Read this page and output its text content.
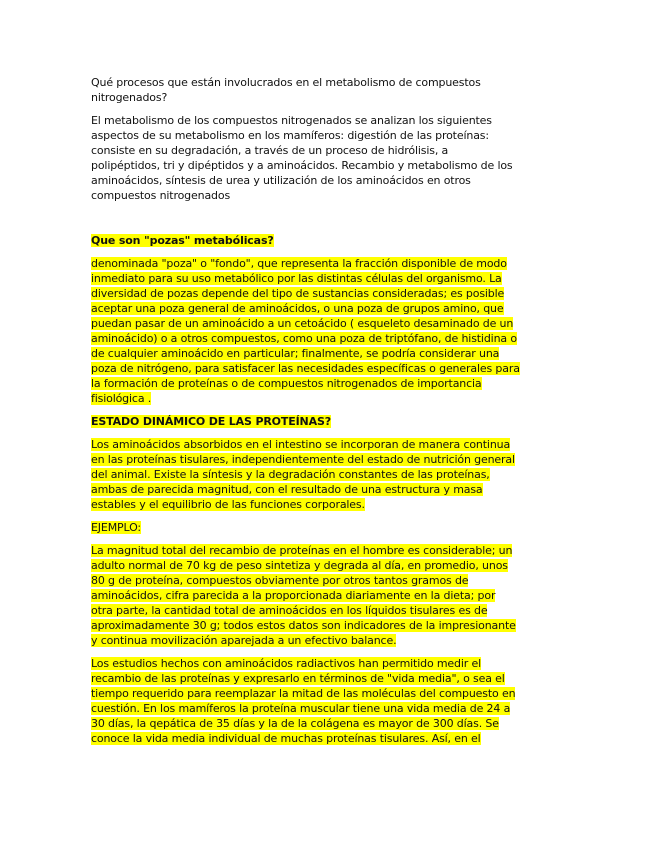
Qué procesos que están involucrados en el metabolismo de compuestos
nitrogenados?
El metabolismo de los compuestos nitrogenados se analizan los siguientes
aspectos de su metabolismo en los mamíferos: digestión de las proteínas:
consiste en su degradación, a través de un proceso de hidrólisis, a
polipéptidos, tri y dipéptidos y a aminoácidos. Recambio y metabolismo de los
aminoácidos, síntesis de urea y utilización de los aminoácidos en otros
compuestos nitrogenados
Que son "pozas" metabólicas?
denominada "poza" o "fondo", que representa la fracción disponible de modo
inmediato para su uso metabólico por las distintas células del organismo. La
diversidad de pozas depende del tipo de sustancias consideradas; es posible
aceptar una poza general de aminoácidos, o una poza de grupos amino, que
puedan pasar de un aminoácido a un cetoácido ( esqueleto desaminado de un
aminoácido) o a otros compuestos, como una poza de triptófano, de histidina o
de cualquier aminoácido en particular; finalmente, se podría considerar una
poza de nitrógeno, para satisfacer las necesidades específicas o generales para
la formación de proteínas o de compuestos nitrogenados de importancia
fisiológica .
ESTADO DINÁMICO DE LAS PROTEÍNAS?
Los aminoácidos absorbidos en el intestino se incorporan de manera continua
en las proteínas tisulares, independientemente del estado de nutrición general
del animal. Existe la síntesis y la degradación constantes de las proteínas,
ambas de parecida magnitud, con el resultado de una estructura y masa
estables y el equilibrio de las funciones corporales.
EJEMPLO:
La magnitud total del recambio de proteínas en el hombre es considerable; un
adulto normal de 70 kg de peso sintetiza y degrada al día, en promedio, unos
80 g de proteína, compuestos obviamente por otros tantos gramos de
aminoácidos, cifra parecida a la proporcionada diariamente en la dieta; por
otra parte, la cantidad total de aminoácidos en los líquidos tisulares es de
aproximadamente 30 g; todos estos datos son indicadores de la impresionante
y continua movilización aparejada a un efectivo balance.
Los estudios hechos con aminoácidos radiactivos han permitido medir el
recambio de las proteínas y expresarlo en términos de "vida media", o sea el
tiempo requerido para reemplazar la mitad de las moléculas del compuesto en
cuestión. En los mamíferos la proteína muscular tiene una vida media de 24 a
30 días, la qepática de 35 días y la de la colágena es mayor de 300 días. Se
conoce la vida media individual de muchas proteínas tisulares. Así, en el
